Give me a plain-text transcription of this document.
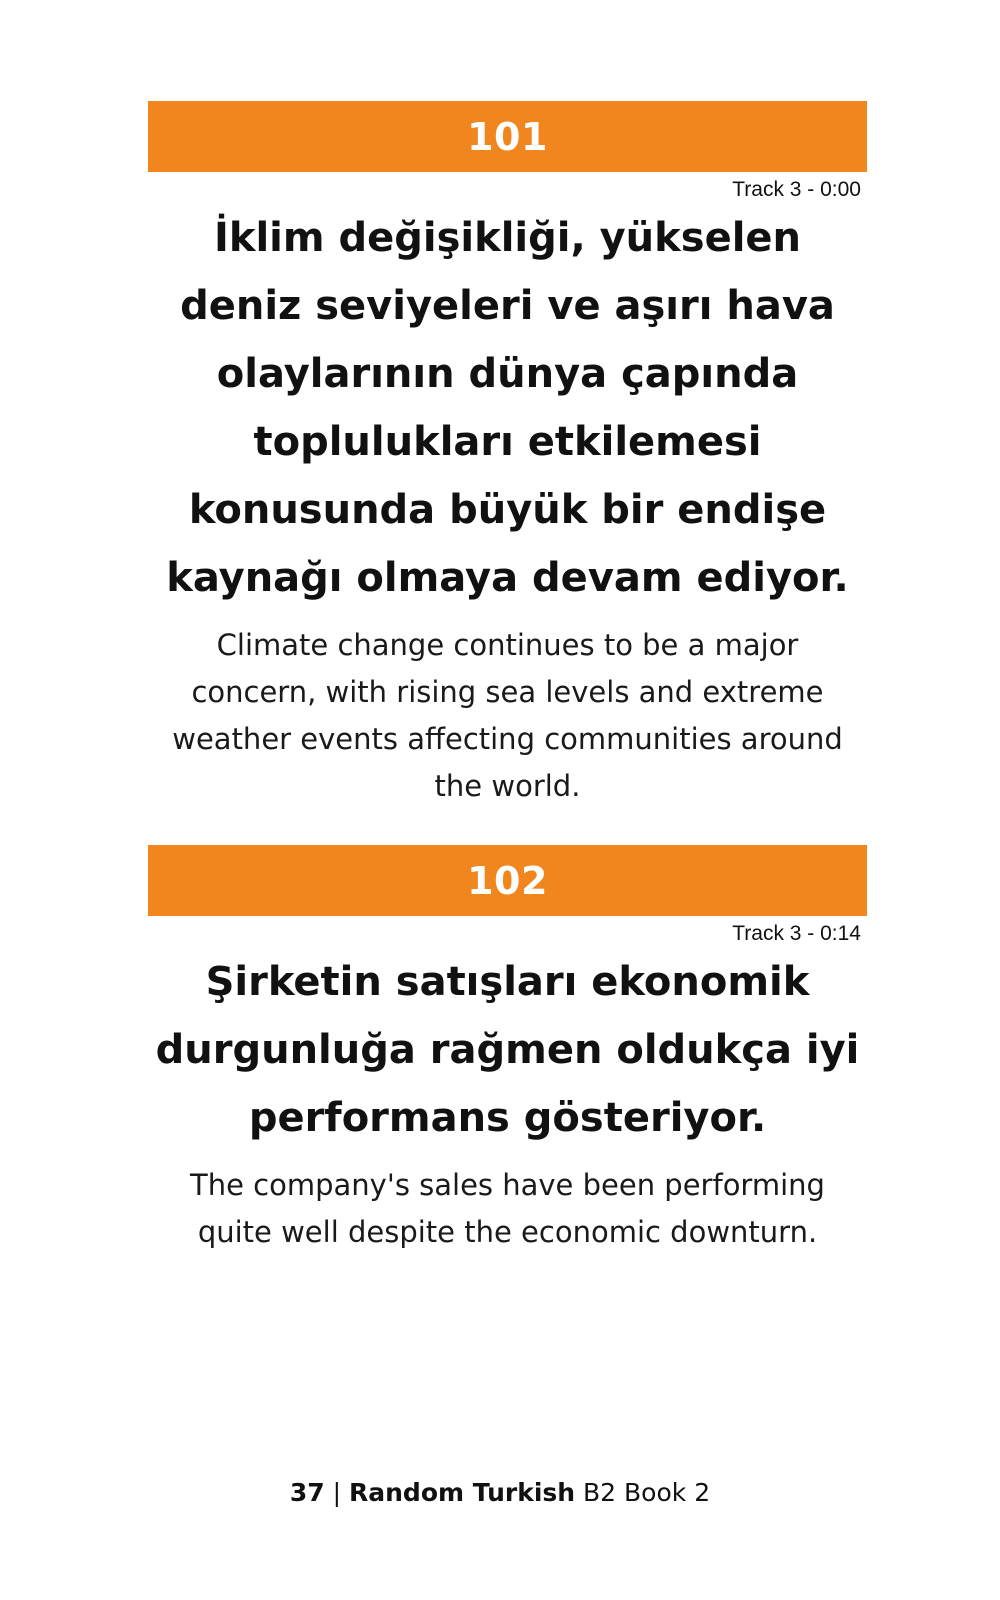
101
Track 3 - 0:00

İklim değişikliği, yükselen deniz seviyeleri ve aşırı hava olaylarının dünya çapında toplulukları etkilemesi konusunda büyük bir endişe kaynağı olmaya devam ediyor.

Climate change continues to be a major concern, with rising sea levels and extreme weather events affecting communities around the world.

102
Track 3 - 0:14

Şirketin satışları ekonomik durgunluğa rağmen oldukça iyi performans gösteriyor.

The company's sales have been performing quite well despite the economic downturn.

37 | Random Turkish B2 Book 2
